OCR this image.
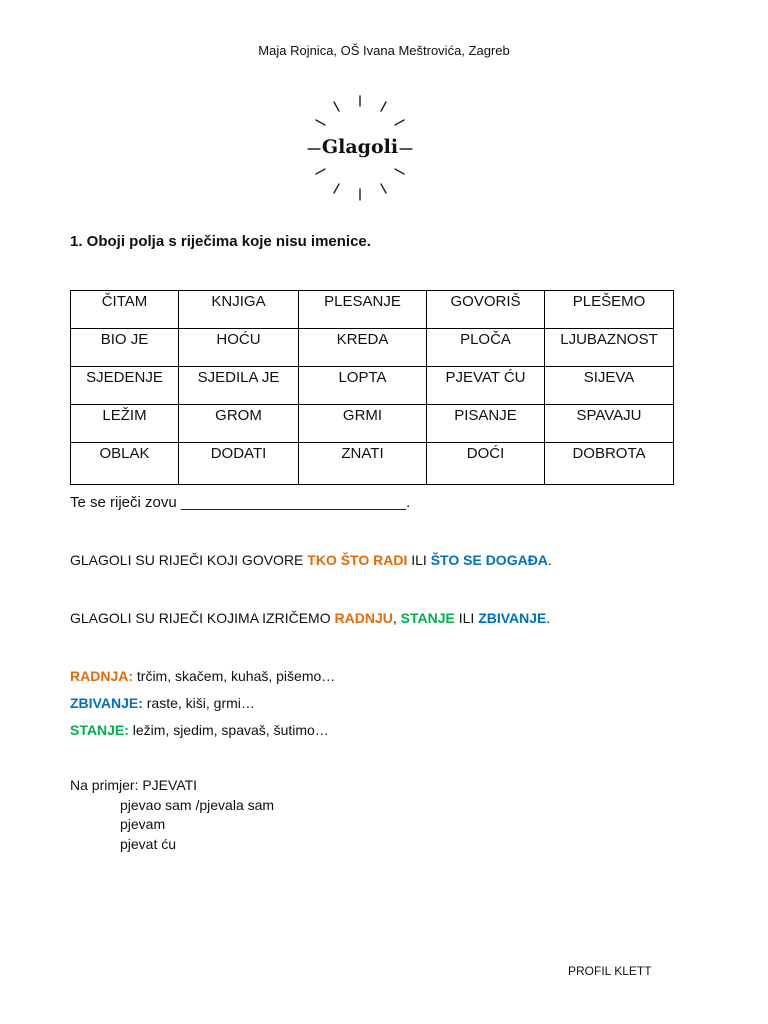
Maja Rojnica, OŠ Ivana Meštrovića, Zagreb
Glagoli
1. Oboji polja s riječima koje nisu imenice.
ČITAM	KNJIGA	PLESANJE	GOVORIŠ	PLEŠEMO
BIO JE	HOĆU	KREDA	PLOČA	LJUBAZNOST
SJEDENJE	SJEDILA JE	LOPTA	PJEVAT ĆU	SIJEVA
LEŽIM	GROM	GRMI	PISANJE	SPAVAJU
OBLAK	DODATI	ZNATI	DOĆI	DOBROTA
Te se riječi zovu ___________________________.
GLAGOLI SU RIJEČI KOJI GOVORE TKO ŠTO RADI ILI ŠTO SE DOGAĐA.
GLAGOLI SU RIJEČI KOJIMA IZRIČEMO RADNJU, STANJE ILI ZBIVANJE.
RADNJA: trčim, skačem, kuhaš, pišemo…
ZBIVANJE: raste, kiši, grmi…
STANJE: ležim, sjedim, spavaš, šutimo…
Na primjer: PJEVATI
pjevao sam /pjevala sam
pjevam
pjevat ću
PROFIL KLETT
